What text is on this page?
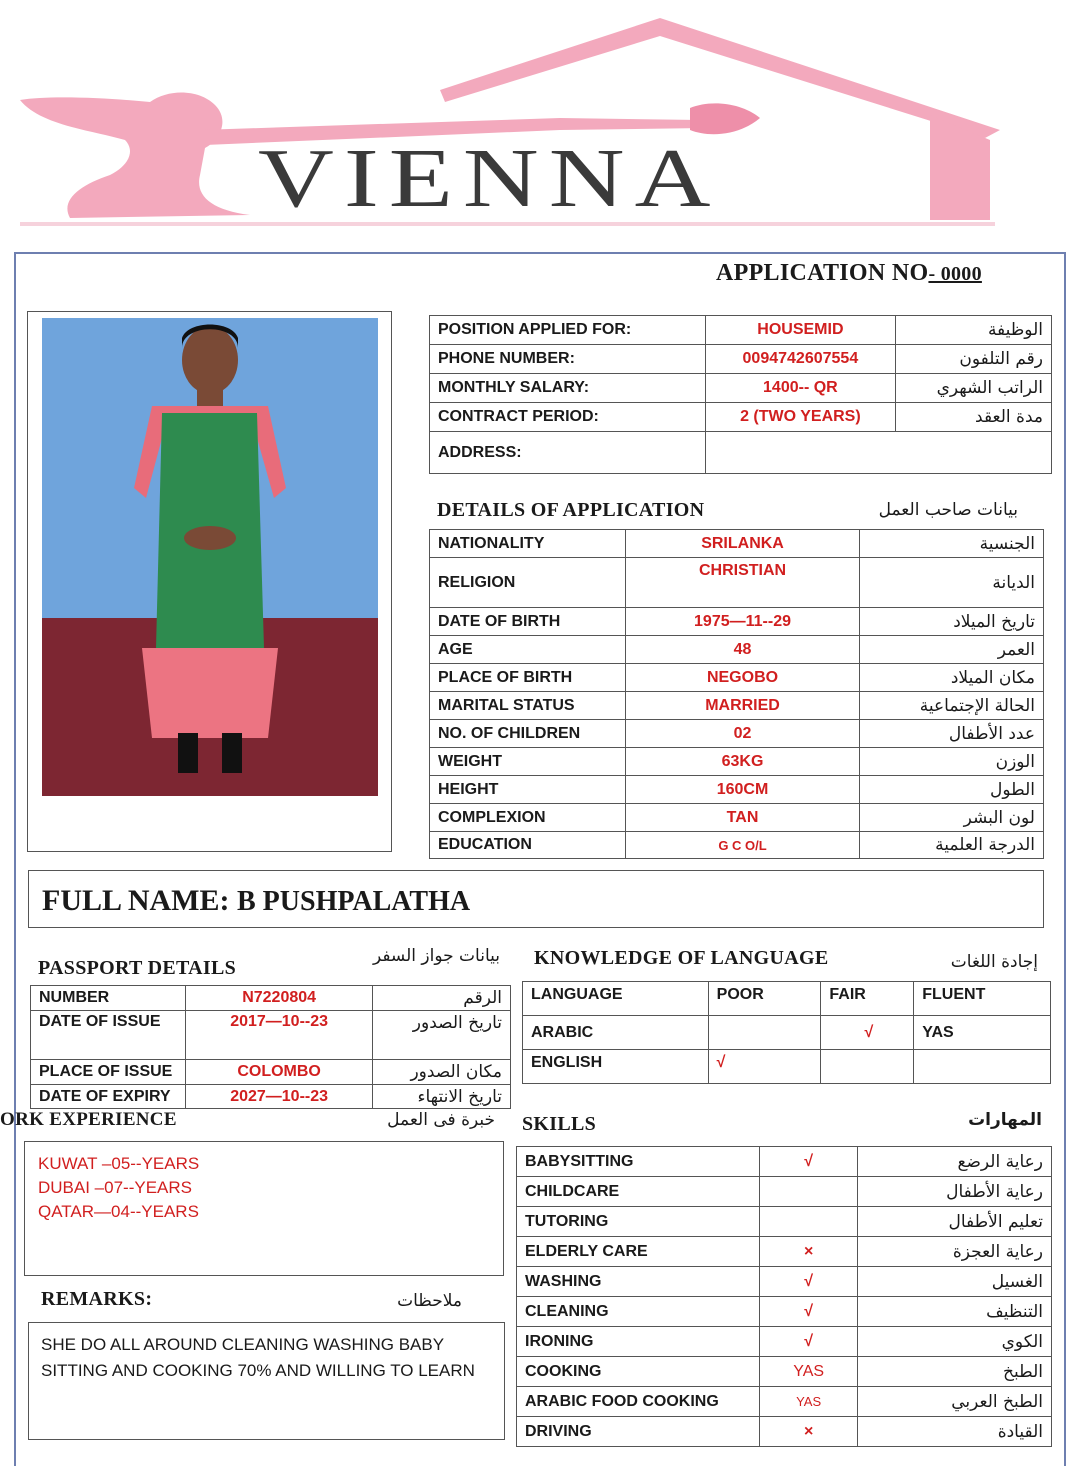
VIENNA
APPLICATION NO- 0000
POSITION APPLIED FOR:	HOUSEMID	الوظيفة
PHONE NUMBER:	0094742607554	رقم التلفون
MONTHLY SALARY:	1400-- QR	الراتب الشهري
CONTRACT PERIOD:	2 (TWO YEARS)	مدة العقد
ADDRESS:		
DETAILS OF APPLICATION	بيانات صاحب العمل
NATIONALITY	SRILANKA	الجنسية
RELIGION	CHRISTIAN	الديانة
DATE OF BIRTH	1975—11--29	تاريخ الميلاد
AGE	48	العمر
PLACE OF BIRTH	NEGOBO	مكان الميلاد
MARITAL STATUS	MARRIED	الحالة الإجتماعية
NO. OF CHILDREN	02	عدد الأطفال
WEIGHT	63KG	الوزن
HEIGHT	160CM	الطول
COMPLEXION	TAN	لون البشر
EDUCATION	G C O/L	الدرجة العلمية
FULL NAME: B PUSHPALATHA
PASSPORT DETAILS
بيانات جواز السفر
NUMBER	N7220804	الرقم
DATE OF ISSUE	2017—10--23	تاريخ الصدور
PLACE OF ISSUE	COLOMBO	مكان الصدور
DATE OF EXPIRY	2027—10--23	تاريخ الانتهاء
ORK EXPERIENCE	خبرة فى العمل
KUWAT –05--YEARS
DUBAI –07--YEARS
QATAR—04--YEARS
REMARKS:	ملاحظات
SHE DO ALL AROUND CLEANING WASHING BABY
SITTING AND COOKING 70% AND WILLING TO LEARN
KNOWLEDGE OF LANGUAGE	إجادة اللغات
LANGUAGE	POOR	FAIR	FLUENT
ARABIC		√	YAS
ENGLISH	√		
SKILLS	المهارات
BABYSITTING	√	رعاية الرضع
CHILDCARE		رعاية الأطفال
TUTORING		تعليم الأطفال
ELDERLY CARE	×	رعاية العجزة
WASHING	√	الغسيل
CLEANING	√	التنظيف
IRONING	√	الكوي
COOKING	YAS	الطبخ
ARABIC FOOD COOKING	YAS	الطبخ العربي
DRIVING	×	القيادة
